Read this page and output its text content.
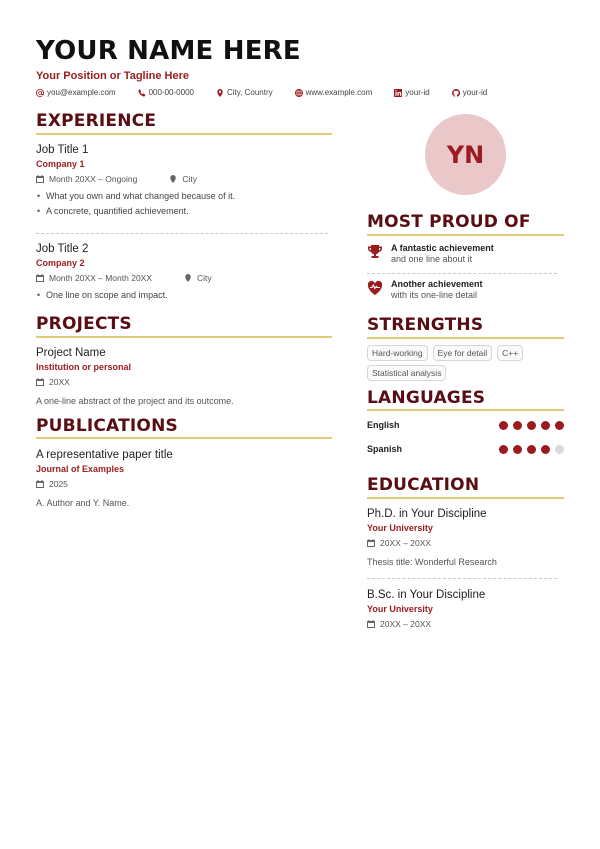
YOUR NAME HERE
Your Position or Tagline Here
you@example.com	000-00-0000	City, Country	www.example.com	your-id	your-id
EXPERIENCE
Job Title 1
Company 1
Month 20XX – Ongoing	City
• What you own and what changed because of it.
• A concrete, quantified achievement.
Job Title 2
Company 2
Month 20XX – Month 20XX	City
• One line on scope and impact.
PROJECTS
Project Name
Institution or personal
20XX
A one-line abstract of the project and its outcome.
PUBLICATIONS
A representative paper title
Journal of Examples
2025
A. Author and Y. Name.
YN
MOST PROUD OF
A fantastic achievement
and one line about it
Another achievement
with its one-line detail
STRENGTHS
Hard-working	Eye for detail	C++
Statistical analysis
LANGUAGES
English
Spanish
EDUCATION
Ph.D. in Your Discipline
Your University
20XX – 20XX
Thesis title: Wonderful Research
B.Sc. in Your Discipline
Your University
20XX – 20XX
